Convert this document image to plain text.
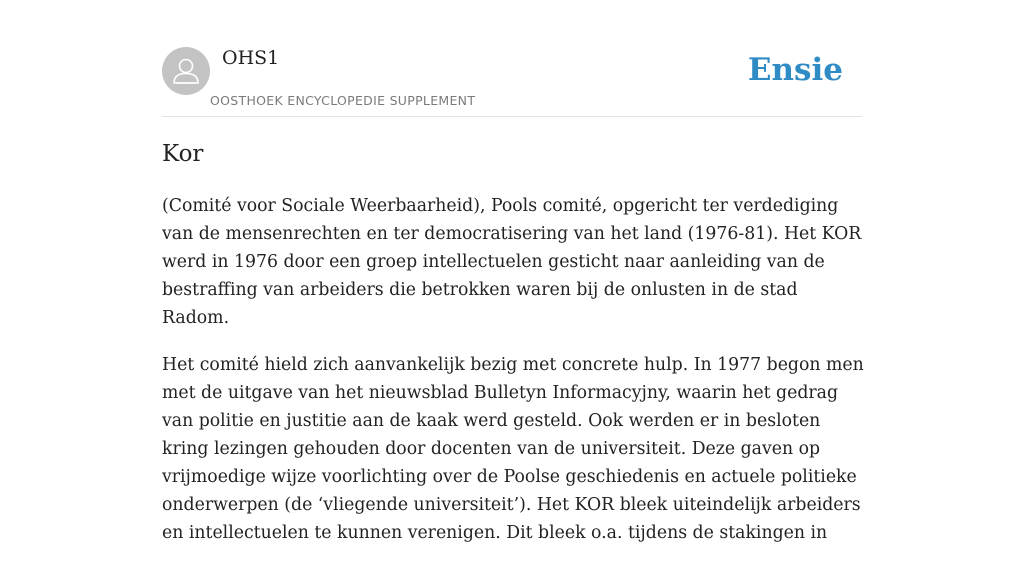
OHS1
OOSTHOEK ENCYCLOPEDIE SUPPLEMENT
Ensie
Kor

(Comité voor Sociale Weerbaarheid), Pools comité, opgericht ter verdediging van de mensenrechten en ter democratisering van het land (1976-81). Het KOR werd in 1976 door een groep intellectuelen gesticht naar aanleiding van de bestraffing van arbeiders die betrokken waren bij de onlusten in de stad Radom.

Het comité hield zich aanvankelijk bezig met concrete hulp. In 1977 begon men met de uitgave van het nieuwsblad Bulletyn Informacyjny, waarin het gedrag van politie en justitie aan de kaak werd gesteld. Ook werden er in besloten kring lezingen gehouden door docenten van de universiteit. Deze gaven op vrijmoedige wijze voorlichting over de Poolse geschiedenis en actuele politieke onderwerpen (de ‘vliegende universiteit’). Het KOR bleek uiteindelijk arbeiders en intellectuelen te kunnen verenigen. Dit bleek o.a. tijdens de stakingen in
